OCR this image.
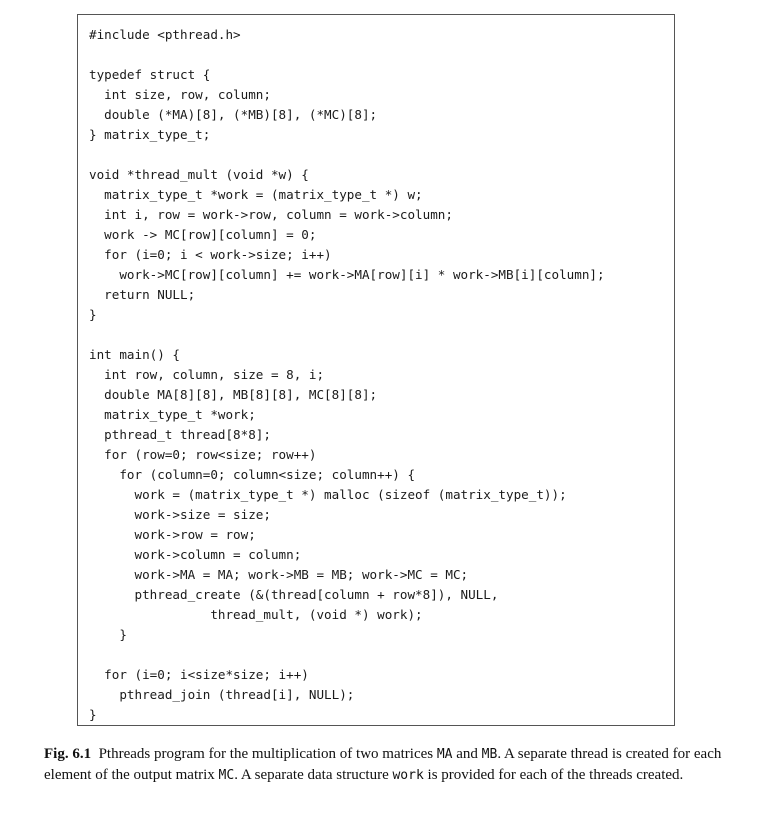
#include <pthread.h>
typedef struct {
int size, row, column;
double (*MA)[8], (*MB)[8], (*MC)[8];
} matrix_type_t;
void *thread_mult (void *w) {
matrix_type_t *work = (matrix_type_t *) w;
int i, row = work->row, column = work->column;
work -> MC[row][column] = 0;
for (i=0; i < work->size; i++)
work->MC[row][column] += work->MA[row][i] * work->MB[i][column];
return NULL;
}
int main() {
int row, column, size = 8, i;
double MA[8][8], MB[8][8], MC[8][8];
matrix_type_t *work;
pthread_t thread[8*8];
for (row=0; row<size; row++)
for (column=0; column<size; column++) {
work = (matrix_type_t *) malloc (sizeof (matrix_type_t));
work->size = size;
work->row = row;
work->column = column;
work->MA = MA; work->MB = MB; work->MC = MC;
pthread_create (&(thread[column + row*8]), NULL,
thread_mult, (void *) work);
}
for (i=0; i<size*size; i++)
pthread_join (thread[i], NULL);
}

Fig. 6.1 Pthreads program for the multiplication of two matrices MA and MB. A separate thread is created for each element of the output matrix MC. A separate data structure work is provided for each of the threads created.
